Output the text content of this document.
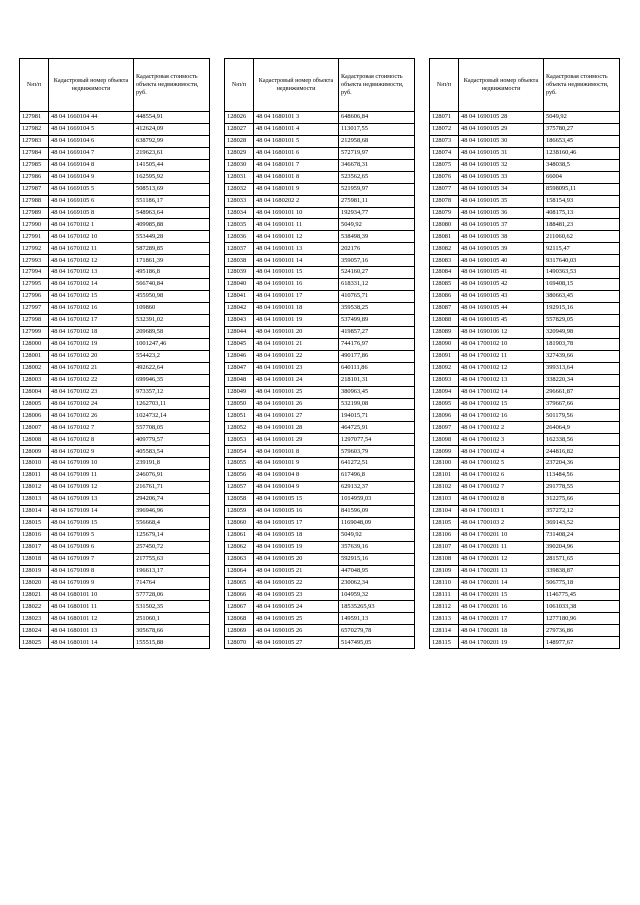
№п/п	Кадастровый номер объекта недвижимости	Кадастровая стоимость объекта недвижимости, руб.
127981	48 04 1660104 44	448554,91
127982	48 04 1669104 5	412624,09
127983	48 04 1669104 6	638792,99
127984	48 04 1669104 7	219623,61
127985	48 04 1669104 8	141505,44
127986	48 04 1669104 9	162595,92
127987	48 04 1669105 5	508513,69
127988	48 04 1669105 6	551186,17
127989	48 04 1669105 8	548963,64
127990	48 04 1670102 1	409985,88
127991	48 04 1670102 10	553449,28
127992	48 04 1670102 11	587289,85
127993	48 04 1670102 12	171861,39
127994	48 04 1670102 13	495186,8
127995	48 04 1670102 14	566740,84
127996	48 04 1670102 15	455950,98
127997	48 04 1670102 16	109860
127998	48 04 1670102 17	532391,02
127999	48 04 1670102 18	209689,58
128000	48 04 1670102 19	1001247,46
128001	48 04 1670102 20	554423,2
128002	48 04 1670102 21	492622,64
128003	48 04 1670102 22	699946,35
128004	48 04 1670102 23	973357,12
128005	48 04 1670102 24	1262703,11
128006	48 04 1670102 26	1024732,14
128007	48 04 1670102 7	557708,05
128008	48 04 1670102 8	409779,57
128009	48 04 1670102 9	405583,54
128010	48 04 1679109 10	239191,8
128011	48 04 1679109 11	246076,91
128012	48 04 1679109 12	216761,71
128013	48 04 1679109 13	294206,74
128014	48 04 1679109 14	396946,96
128015	48 04 1679109 15	556668,4
128016	48 04 1679109 5	125679,14
128017	48 04 1679109 6	257450,72
128018	48 04 1679109 7	217755,63
128019	48 04 1679109 8	196613,17
128020	48 04 1679109 9	714764
128021	48 04 1680101 10	577728,06
128022	48 04 1680101 11	531502,35
128023	48 04 1680101 12	251060,1
128024	48 04 1680101 13	305678,66
128025	48 04 1680101 14	155515,88
№п/п	Кадастровый номер объекта недвижимости	Кадастровая стоимость объекта недвижимости, руб.
128026	48 04 1680101 3	648606,84
128027	48 04 1680101 4	113017,55
128028	48 04 1680101 5	212958,68
128029	48 04 1680101 6	572719,97
128030	48 04 1680101 7	346678,31
128031	48 04 1680101 8	523562,65
128032	48 04 1680101 9	521959,97
128033	48 04 1680202 2	275981,11
128034	48 04 1690101 10	192934,77
128035	48 04 1690101 11	5049,92
128036	48 04 1690101 12	538498,39
128037	48 04 1690101 13	202176
128038	48 04 1690101 14	359057,16
128039	48 04 1690101 15	524160,27
128040	48 04 1690101 16	618331,12
128041	48 04 1690101 17	410765,71
128042	48 04 1690101 18	359538,25
128043	48 04 1690101 19	537499,89
128044	48 04 1690101 20	419857,27
128045	48 04 1690101 21	744176,97
128046	48 04 1690101 22	490177,86
128047	48 04 1690101 23	640111,86
128048	48 04 1690101 24	218101,31
128049	48 04 1690101 25	380963,45
128050	48 04 1690101 26	532199,08
128051	48 04 1690101 27	194015,71
128052	48 04 1690101 28	464725,91
128053	48 04 1690101 29	1297077,54
128054	48 04 1690101 8	579603,79
128055	48 04 1690101 9	641272,51
128056	48 04 1690104 8	617496,8
128057	48 04 1690104 9	629132,37
128058	48 04 1690105 15	1014959,03
128059	48 04 1690105 16	841596,09
128060	48 04 1690105 17	1169048,09
128061	48 04 1690105 18	5049,92
128062	48 04 1690105 19	357639,16
128063	48 04 1690105 20	592915,16
128064	48 04 1690105 21	447048,95
128065	48 04 1690105 22	230062,34
128066	48 04 1690105 23	104959,32
128067	48 04 1690105 24	18535265,93
128068	48 04 1690105 25	149591,13
128069	48 04 1690105 26	6570279,78
128070	48 04 1690105 27	5147495,05
№п/п	Кадастровый номер объекта недвижимости	Кадастровая стоимость объекта недвижимости, руб.
128071	48 04 1690105 28	5049,92
128072	48 04 1690105 29	375780,27
128073	48 04 1690105 30	186653,45
128074	48 04 1690105 31	1238160,46
128075	48 04 1690105 32	348038,5
128076	48 04 1690105 33	66004
128077	48 04 1690105 34	8598095,11
128078	48 04 1690105 35	158154,93
128079	48 04 1690105 36	408175,13
128080	48 04 1690105 37	188481,23
128081	48 04 1690105 38	211060,62
128082	48 04 1690105 39	92115,47
128083	48 04 1690105 40	9317640,03
128084	48 04 1690105 41	1490363,53
128085	48 04 1690105 42	169408,15
128086	48 04 1690105 43	380663,45
128087	48 04 1690105 44	192915,16
128088	48 04 1690105 45	557829,05
128089	48 04 1690106 12	320949,98
128090	48 04 1700102 10	181903,78
128091	48 04 1700102 11	327439,66
128092	48 04 1700102 12	399313,64
128093	48 04 1700102 13	338220,34
128094	48 04 1700102 14	296661,87
128095	48 04 1700102 15	379667,66
128096	48 04 1700102 16	501179,56
128097	48 04 1700102 2	264064,9
128098	48 04 1700102 3	162338,56
128099	48 04 1700102 4	244816,82
128100	48 04 1700102 5	237204,36
128101	48 04 1700102 6	113484,56
128102	48 04 1700102 7	291778,55
128103	48 04 1700102 8	312275,66
128104	48 04 1700103 1	357272,12
128105	48 04 1700103 2	369143,52
128106	48 04 1700201 10	731408,24
128107	48 04 1700201 11	390204,96
128108	48 04 1700201 12	281571,65
128109	48 04 1700201 13	339838,87
128110	48 04 1700201 14	506775,18
128111	48 04 1700201 15	1146775,45
128112	48 04 1700201 16	1061033,38
128113	48 04 1700201 17	1277180,96
128114	48 04 1700201 18	279736,86
128115	48 04 1700201 19	148977,67
